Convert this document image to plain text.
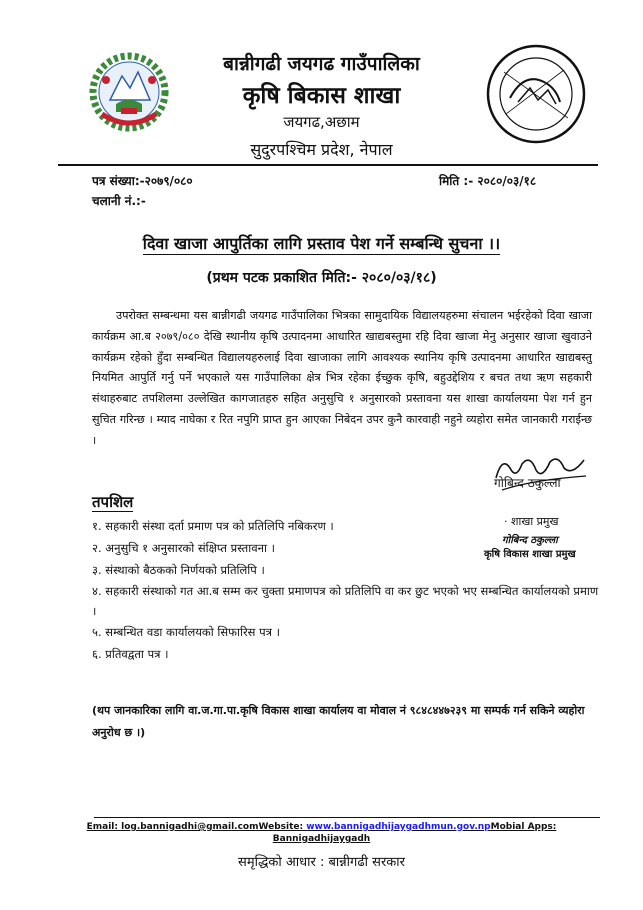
बान्नीगढी जयगढ गाउँपालिका
कृषि बिकास शाखा
जयगढ,अछाम
सुदुरपश्चिम प्रदेश, नेपाल
पत्र संख्या:-२०७९/०८०
चलानी नं.:-
मिति :- २०८०/०३/१८
दिवा खाजा आपुर्तिका लागि प्रस्ताव पेश गर्ने सम्बन्धि सुचना ।।
(प्रथम पटक प्रकाशित मिति:- २०८०/०३/१८)
उपरोक्त सम्बन्धमा यस बान्नीगढी जयगढ गाउँपालिका भित्रका सामुदायिक विद्यालयहरुमा संचालन भईरहेको दिवा खाजा कार्यक्रम आ.ब २०७९/०८० देखि स्थानीय कृषि उत्पादनमा आधारित खाद्यबस्तुमा रहि दिवा खाजा मेनु अनुसार खाजा खुवाउने कार्यक्रम रहेको हुँदा सम्बन्धित विद्यालयहरुलाई दिवा खाजाका लागि आवश्यक स्थानिय कृषि उत्पादनमा आधारित खाद्यबस्तु नियमित आपुर्ति गर्नु पर्ने भएकाले यस गाउँपालिका क्षेत्र भित्र रहेका ईच्छुक कृषि, बहुउद्देशिय र बचत तथा ऋण सहकारी संथाहरुबाट तपशिलमा उल्लेखित कागजातहरु सहित अनुसुचि १ अनुसारको प्रस्तावना यस शाखा कार्यालयमा पेश गर्न हुन सुचित गरिन्छ । म्याद नाघेका र रित नपुगि प्राप्त हुन आएका निबेदन उपर कुनै कारवाही नहुने व्यहोरा समेत जानकारी गराईन्छ ।
गोबिन्द ठकुल्ला
· शाखा प्रमुख
गोबिन्द ठकुल्ला
कृषि विकास शाखा प्रमुख
तपशिल
१. सहकारी संस्था दर्ता प्रमाण पत्र को प्रतिलिपि नबिकरण ।
२. अनुसुचि १ अनुसारको संक्षिप्त प्रस्तावना ।
३. संस्थाको बैठकको निर्णयको प्रतिलिपि ।
४. सहकारी संस्थाको गत आ.ब सम्म कर चुक्ता प्रमाणपत्र को प्रतिलिपि वा कर छुट भएको भए सम्बन्धित कार्यालयको प्रमाण ।
५. सम्बन्धित वडा कार्यालयको सिफारिस पत्र ।
६. प्रतिवद्वता पत्र ।
(थप जानकारिका लागि वा.ज.गा.पा.कृषि विकास शाखा कार्यालय वा मोवाल नं ९८४८४४७२३९ मा सम्पर्क गर्न सकिने व्यहोरा अनुरोध छ ।)
Email: log.bannigadhi@gmail.comWebsite: www.bannigadhijaygadhmun.gov.npMobial Apps:
Bannigadhijaygadh
समृद्धिको आधार : बान्नीगढी सरकार
